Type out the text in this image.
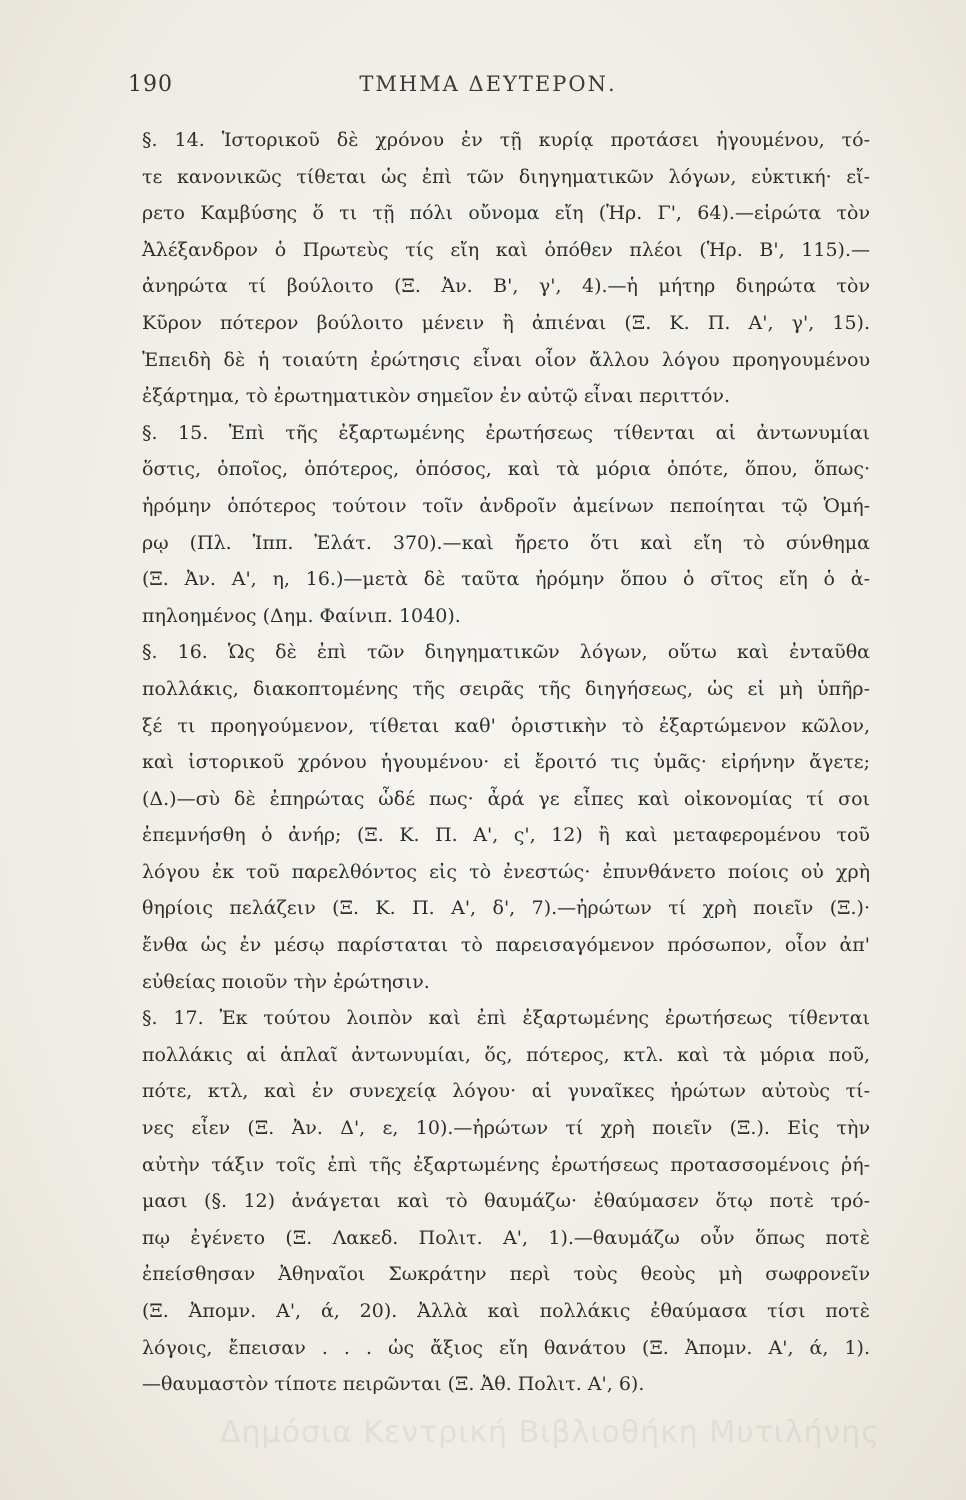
190	ΤΜΗΜΑ ΔΕΥΤΕΡΟΝ.
§. 14. Ἱστορικοῦ δὲ χρόνου ἐν τῇ κυρίᾳ προτάσει ἡγουμένου, τό-
τε κανονικῶς τίθεται ὡς ἐπὶ τῶν διηγηματικῶν λόγων, εὐκτική· εἴ-
ρετο Καμβύσης ὅ τι τῇ πόλι οὔνομα εἴη (Ἡρ. Γ', 64).—εἰρώτα τὸν
Ἀλέξανδρον ὁ Πρωτεὺς τίς εἴη καὶ ὁπόθεν πλέοι (Ἡρ. Β', 115).—
ἀνηρώτα τί βούλοιτο (Ξ. Ἀν. Β', γ', 4).—ἡ μήτηρ διηρώτα τὸν
Κῦρον πότερον βούλοιτο μένειν ἢ ἀπιέναι (Ξ. Κ. Π. Α', γ', 15).
Ἐπειδὴ δὲ ἡ τοιαύτη ἐρώτησις εἶναι οἷον ἄλλου λόγου προηγουμένου
ἐξάρτημα, τὸ ἐρωτηματικὸν σημεῖον ἐν αὐτῷ εἶναι περιττόν.
§. 15. Ἐπὶ τῆς ἐξαρτωμένης ἐρωτήσεως τίθενται αἱ ἀντωνυμίαι
ὅστις, ὁποῖος, ὁπότερος, ὁπόσος, καὶ τὰ μόρια ὁπότε, ὅπου, ὅπως·
ἠρόμην ὁπότερος τούτοιν τοῖν ἀνδροῖν ἀμείνων πεποίηται τῷ Ὁμή-
ρῳ (Πλ. Ἱππ. Ἐλάτ. 370).—καὶ ἤρετο ὅτι καὶ εἴη τὸ σύνθημα
(Ξ. Ἀν. Α', η, 16.)—μετὰ δὲ ταῦτα ἠρόμην ὅπου ὁ σῖτος εἴη ὁ ἀ-
πηλοημένος (Δημ. Φαίνιπ. 1040).
§. 16. Ὡς δὲ ἐπὶ τῶν διηγηματικῶν λόγων, οὕτω καὶ ἐνταῦθα
πολλάκις, διακοπτομένης τῆς σειρᾶς τῆς διηγήσεως, ὡς εἰ μὴ ὑπῆρ-
ξέ τι προηγούμενον, τίθεται καθ' ὁριστικὴν τὸ ἐξαρτώμενον κῶλον,
καὶ ἱστορικοῦ χρόνου ἡγουμένου· εἰ ἔροιτό τις ὑμᾶς· εἰρήνην ἄγετε;
(Δ.)—σὺ δὲ ἐπηρώτας ὧδέ πως· ἆρά γε εἶπες καὶ οἰκονομίας τί σοι
ἐπεμνήσθη ὁ ἀνήρ; (Ξ. Κ. Π. Α', ς', 12) ἢ καὶ μεταφερομένου τοῦ
λόγου ἐκ τοῦ παρελθόντος εἰς τὸ ἐνεστώς· ἐπυνθάνετο ποίοις οὐ χρὴ
θηρίοις πελάζειν (Ξ. Κ. Π. Α', δ', 7).—ἠρώτων τί χρὴ ποιεῖν (Ξ.)·
ἔνθα ὡς ἐν μέσῳ παρίσταται τὸ παρεισαγόμενον πρόσωπον, οἷον ἀπ'
εὐθείας ποιοῦν τὴν ἐρώτησιν.
§. 17. Ἐκ τούτου λοιπὸν καὶ ἐπὶ ἐξαρτωμένης ἐρωτήσεως τίθενται
πολλάκις αἱ ἁπλαῖ ἀντωνυμίαι, ὅς, πότερος, κτλ. καὶ τὰ μόρια ποῦ,
πότε, κτλ, καὶ ἐν συνεχείᾳ λόγου· αἱ γυναῖκες ἠρώτων αὐτοὺς τί-
νες εἶεν (Ξ. Ἀν. Δ', ε, 10).—ἠρώτων τί χρὴ ποιεῖν (Ξ.). Εἰς τὴν
αὐτὴν τάξιν τοῖς ἐπὶ τῆς ἐξαρτωμένης ἐρωτήσεως προτασσομένοις ῥή-
μασι (§. 12) ἀνάγεται καὶ τὸ θαυμάζω· ἐθαύμασεν ὅτῳ ποτὲ τρό-
πῳ ἐγένετο (Ξ. Λακεδ. Πολιτ. Α', 1).—θαυμάζω οὖν ὅπως ποτὲ
ἐπείσθησαν Ἀθηναῖοι Σωκράτην περὶ τοὺς θεοὺς μὴ σωφρονεῖν
(Ξ. Ἀπομν. Α', ά, 20). Ἀλλὰ καὶ πολλάκις ἐθαύμασα τίσι ποτὲ
λόγοις, ἔπεισαν . . . ὡς ἄξιος εἴη θανάτου (Ξ. Ἀπομν. Α', ά, 1).
—θαυμαστὸν τίποτε πειρῶνται (Ξ. Ἀθ. Πολιτ. Α', 6).
Δημόσια Κεντρική Βιβλιοθήκη Μυτιλήνης
